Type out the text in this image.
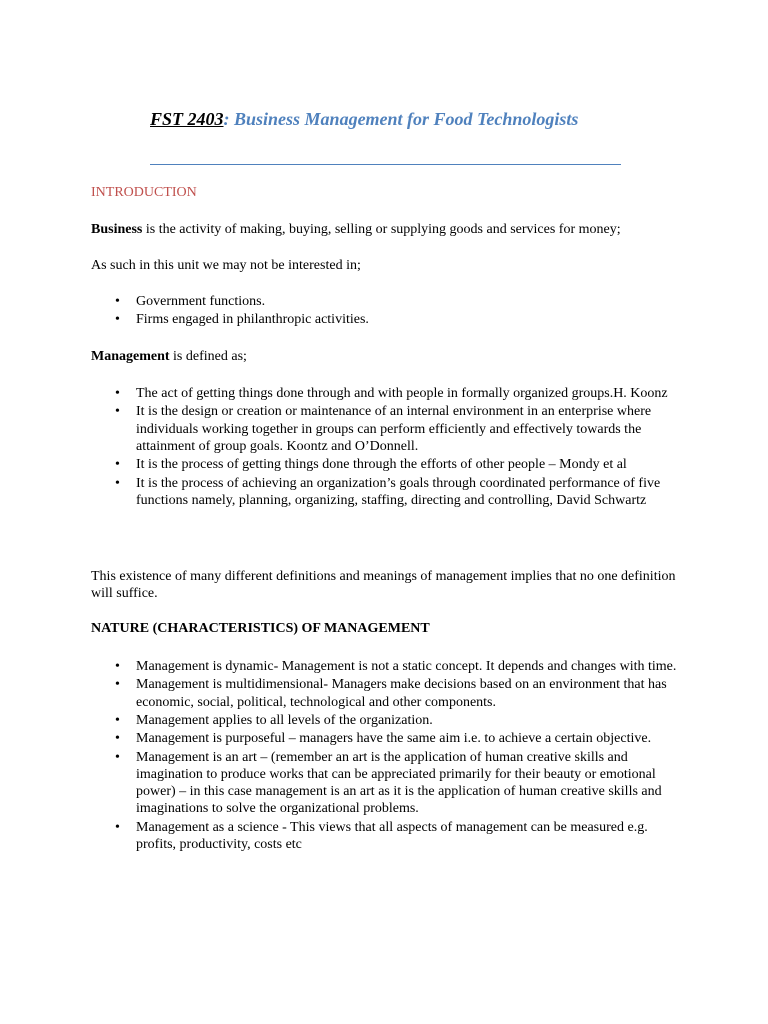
FST 2403: Business Management for Food Technologists
INTRODUCTION
Business is the activity of making, buying, selling or supplying goods and services for money;
As such in this unit we may not be interested in;
• Government functions.
• Firms engaged in philanthropic activities.
Management is defined as;
• The act of getting things done through and with people in formally organized groups.H. Koonz
• It is the design or creation or maintenance of an internal environment in an enterprise where individuals working together in groups can perform efficiently and effectively towards the attainment of group goals. Koontz and O’Donnell.
• It is the process of getting things done through the efforts of other people – Mondy et al
• It is the process of achieving an organization’s goals through coordinated performance of five functions namely, planning, organizing, staffing, directing and controlling, David Schwartz
This existence of many different definitions and meanings of management implies that no one definition will suffice.
NATURE (CHARACTERISTICS) OF MANAGEMENT
• Management is dynamic- Management is not a static concept. It depends and changes with time.
• Management is multidimensional- Managers make decisions based on an environment that has economic, social, political, technological and other components.
• Management applies to all levels of the organization.
• Management is purposeful – managers have the same aim i.e. to achieve a certain objective.
• Management is an art – (remember an art is the application of human creative skills and imagination to produce works that can be appreciated primarily for their beauty or emotional power) – in this case management is an art as it is the application of human creative skills and imaginations to solve the organizational problems.
• Management as a science - This views that all aspects of management can be measured e.g. profits, productivity, costs etc
